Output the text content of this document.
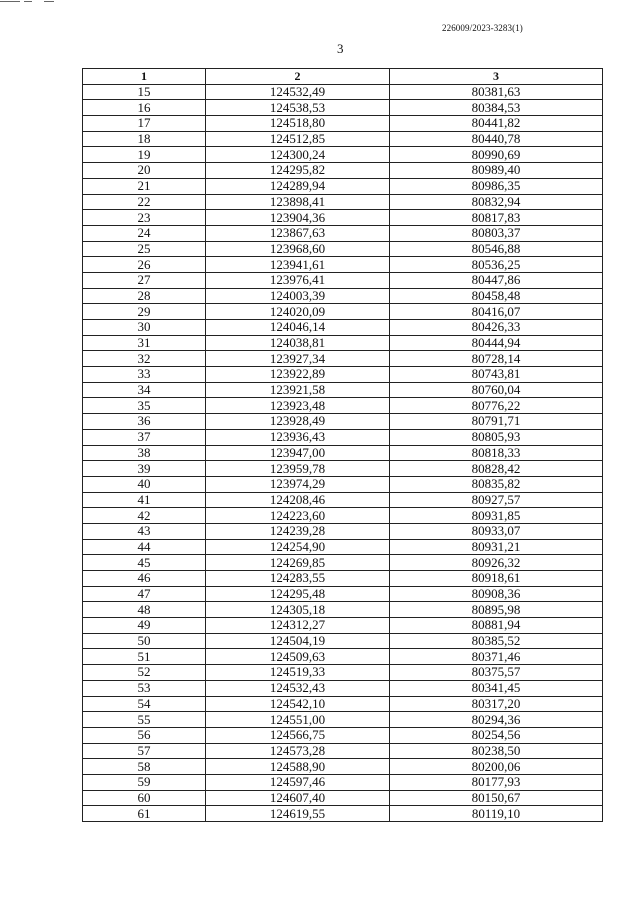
226009/2023-3283(1)
3
1	2	3
15	124532,49	80381,63
16	124538,53	80384,53
17	124518,80	80441,82
18	124512,85	80440,78
19	124300,24	80990,69
20	124295,82	80989,40
21	124289,94	80986,35
22	123898,41	80832,94
23	123904,36	80817,83
24	123867,63	80803,37
25	123968,60	80546,88
26	123941,61	80536,25
27	123976,41	80447,86
28	124003,39	80458,48
29	124020,09	80416,07
30	124046,14	80426,33
31	124038,81	80444,94
32	123927,34	80728,14
33	123922,89	80743,81
34	123921,58	80760,04
35	123923,48	80776,22
36	123928,49	80791,71
37	123936,43	80805,93
38	123947,00	80818,33
39	123959,78	80828,42
40	123974,29	80835,82
41	124208,46	80927,57
42	124223,60	80931,85
43	124239,28	80933,07
44	124254,90	80931,21
45	124269,85	80926,32
46	124283,55	80918,61
47	124295,48	80908,36
48	124305,18	80895,98
49	124312,27	80881,94
50	124504,19	80385,52
51	124509,63	80371,46
52	124519,33	80375,57
53	124532,43	80341,45
54	124542,10	80317,20
55	124551,00	80294,36
56	124566,75	80254,56
57	124573,28	80238,50
58	124588,90	80200,06
59	124597,46	80177,93
60	124607,40	80150,67
61	124619,55	80119,10
